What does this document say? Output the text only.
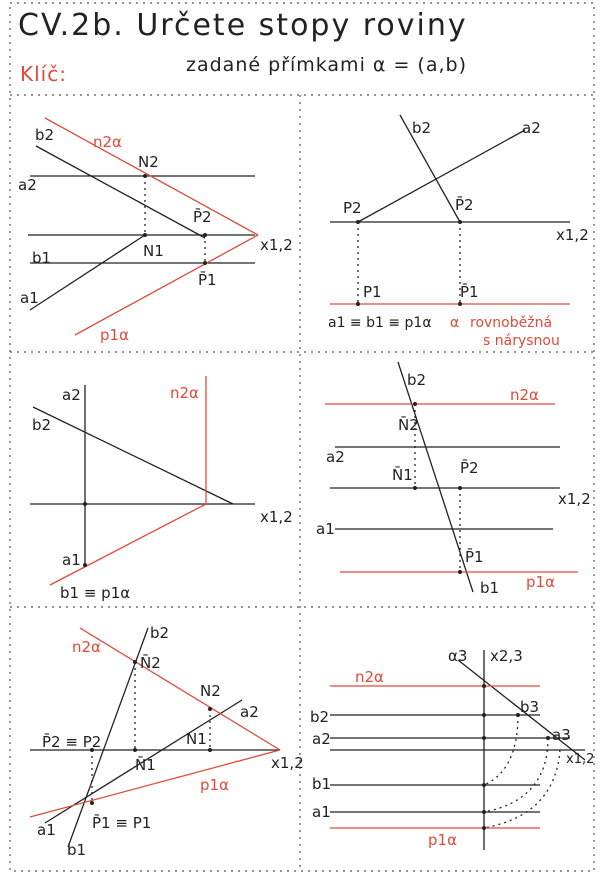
CV.2b. Určete stopy roviny
Klíč:	zadané přímkami α = (a,b)
b2	n2α
N2
a2
P̄2
x1,2
N1
b1
P̄1
a1
p1α
b2	a2
P2	P̄2
x1,2
P1	P̄1
a1 ≡ b1 ≡ p1α α rovnoběžná
s nárysnou
a2
b2
n2α
x1,2
a1
b1 ≡ p1α
b2
n2α
N̄2
a2
N̄1	P̄2
x1,2
a1
P̄1
p1α
b1
b2
n2α
N̄2
N2
a2
P̄2 ≡ P2
N̄1
N1
x1,2
p1α
a1 P̄1 ≡ P1
b1
α3 x2,3
n2α
b2
b3
a2	a3
x1,2
b1
a1
p1α
